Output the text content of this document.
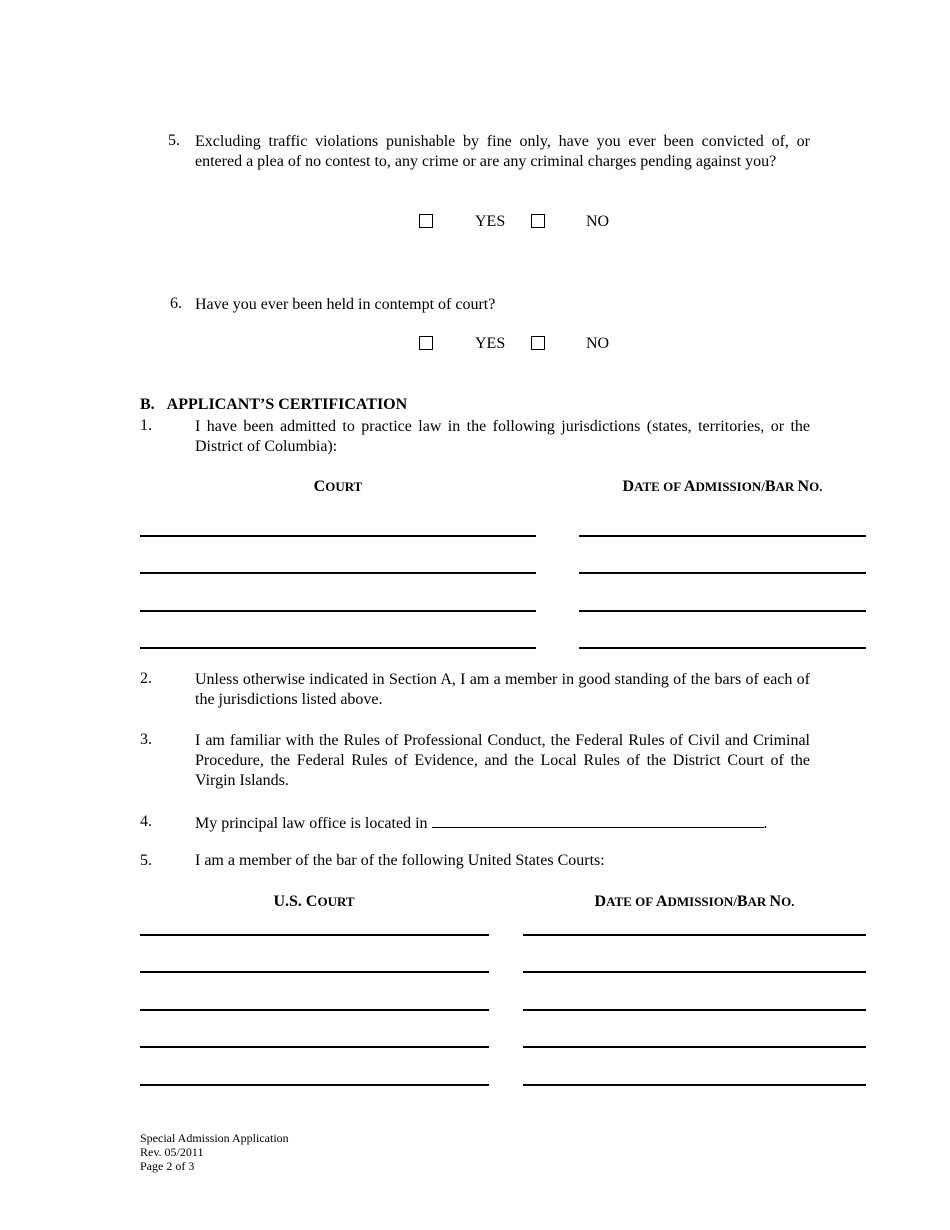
5. Excluding traffic violations punishable by fine only, have you ever been convicted of, or entered a plea of no contest to, any crime or are any criminal charges pending against you?
YES	NO
6. Have you ever been held in contempt of court?
YES	NO
B. APPLICANT’S CERTIFICATION
1.	I have been admitted to practice law in the following jurisdictions (states, territories, or the District of Columbia):
COURT	DATE OF ADMISSION/BAR NO.
2.	Unless otherwise indicated in Section A, I am a member in good standing of the bars of each of the jurisdictions listed above.
3.	I am familiar with the Rules of Professional Conduct, the Federal Rules of Civil and Criminal Procedure, the Federal Rules of Evidence, and the Local Rules of the District Court of the Virgin Islands.
4.	My principal law office is located in	.
5.	I am a member of the bar of the following United States Courts:
U.S. COURT	DATE OF ADMISSION/BAR NO.
Special Admission Application
Rev. 05/2011
Page 2 of 3
